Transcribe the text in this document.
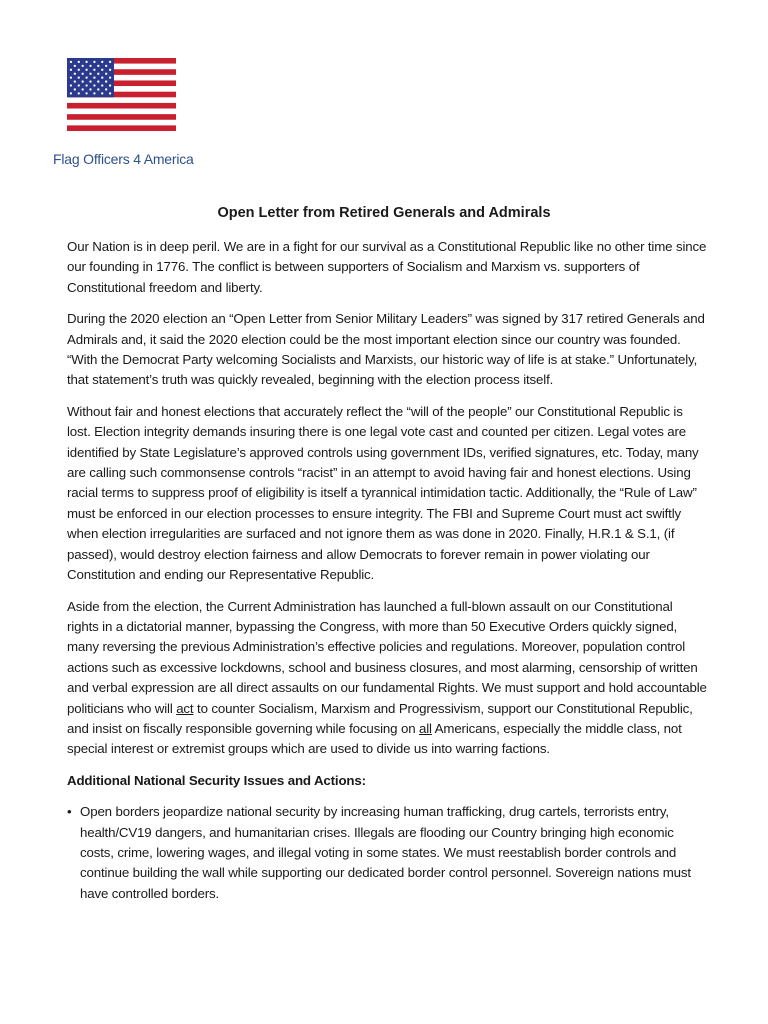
Flag Officers 4 America
Open Letter from Retired Generals and Admirals

Our Nation is in deep peril. We are in a fight for our survival as a Constitutional Republic like no other time since our founding in 1776. The conflict is between supporters of Socialism and Marxism vs. supporters of Constitutional freedom and liberty.

During the 2020 election an “Open Letter from Senior Military Leaders” was signed by 317 retired Generals and Admirals and, it said the 2020 election could be the most important election since our country was founded. “With the Democrat Party welcoming Socialists and Marxists, our historic way of life is at stake.” Unfortunately, that statement’s truth was quickly revealed, beginning with the election process itself.

Without fair and honest elections that accurately reflect the “will of the people” our Constitutional Republic is lost. Election integrity demands insuring there is one legal vote cast and counted per citizen. Legal votes are identified by State Legislature’s approved controls using government IDs, verified signatures, etc. Today, many are calling such commonsense controls “racist” in an attempt to avoid having fair and honest elections. Using racial terms to suppress proof of eligibility is itself a tyrannical intimidation tactic. Additionally, the “Rule of Law” must be enforced in our election processes to ensure integrity. The FBI and Supreme Court must act swiftly when election irregularities are surfaced and not ignore them as was done in 2020. Finally, H.R.1 & S.1, (if passed), would destroy election fairness and allow Democrats to forever remain in power violating our Constitution and ending our Representative Republic.

Aside from the election, the Current Administration has launched a full-blown assault on our Constitutional rights in a dictatorial manner, bypassing the Congress, with more than 50 Executive Orders quickly signed, many reversing the previous Administration’s effective policies and regulations. Moreover, population control actions such as excessive lockdowns, school and business closures, and most alarming, censorship of written and verbal expression are all direct assaults on our fundamental Rights. We must support and hold accountable politicians who will act to counter Socialism, Marxism and Progressivism, support our Constitutional Republic, and insist on fiscally responsible governing while focusing on all Americans, especially the middle class, not special interest or extremist groups which are used to divide us into warring factions.

Additional National Security Issues and Actions:

• Open borders jeopardize national security by increasing human trafficking, drug cartels, terrorists entry, health/CV19 dangers, and humanitarian crises. Illegals are flooding our Country bringing high economic costs, crime, lowering wages, and illegal voting in some states. We must reestablish border controls and continue building the wall while supporting our dedicated border control personnel. Sovereign nations must have controlled borders.
